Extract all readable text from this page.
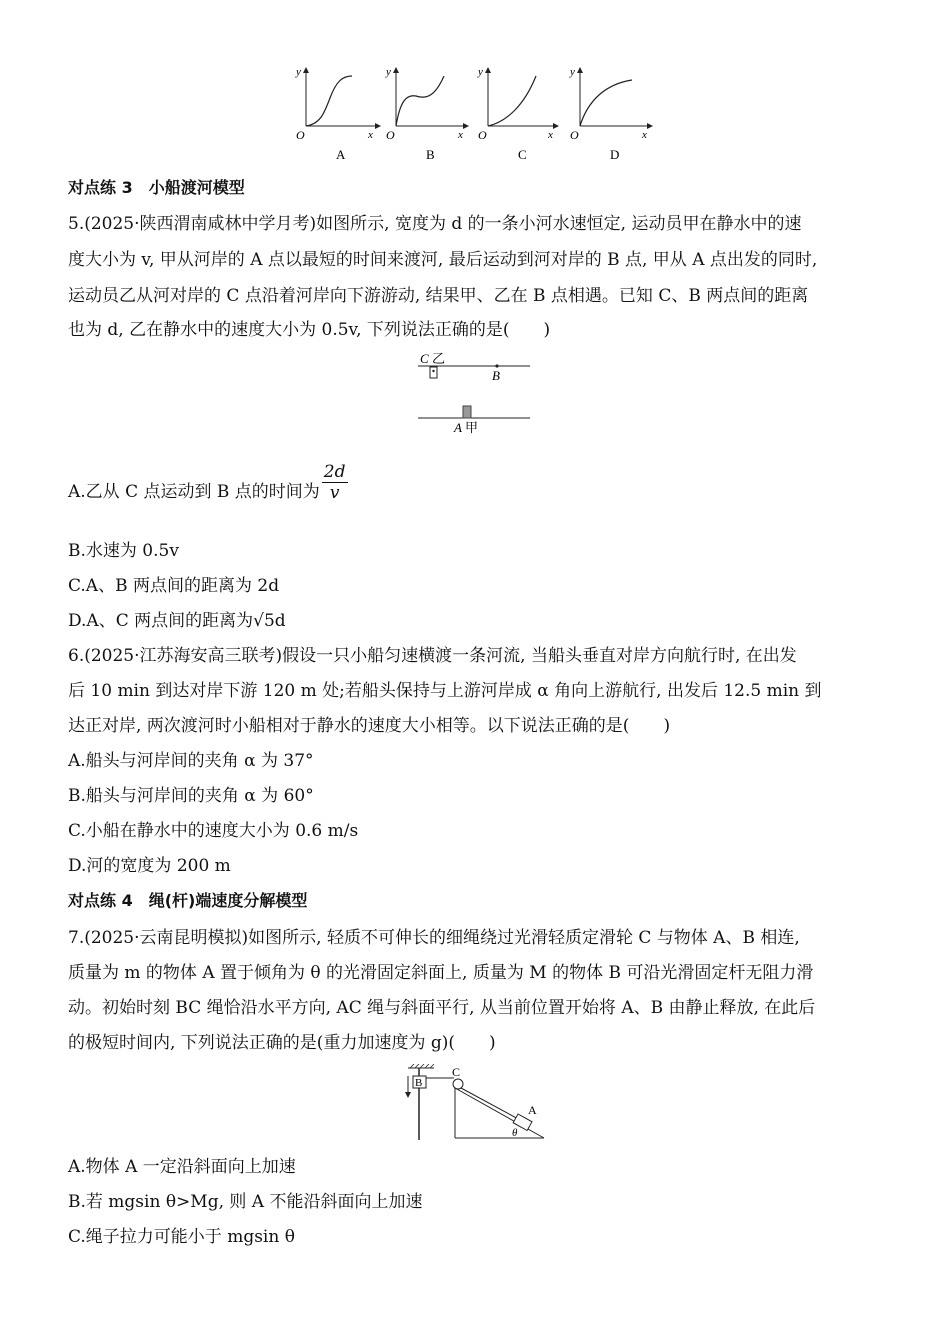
y
O	x
A
y
O	x
B
y
O	x
C
y
O	x
D
对点练 3　小船渡河模型
5.(2025·陕西渭南咸林中学月考)如图所示, 宽度为 d 的一条小河水速恒定, 运动员甲在静水中的速
度大小为 v, 甲从河岸的 A 点以最短的时间来渡河, 最后运动到河对岸的 B 点, 甲从 A 点出发的同时,
运动员乙从河对岸的 C 点沿着河岸向下游游动, 结果甲、乙在 B 点相遇。已知 C、B 两点间的距离
也为 d, 乙在静水中的速度大小为 0.5v, 下列说法正确的是(　　)
C 乙
B
A 甲
A.乙从 C 点运动到 B 点的时间为 $\frac{2d}{v}$
B.水速为 0.5v
C.A、B 两点间的距离为 2d
D.A、C 两点间的距离为√5d
6.(2025·江苏海安高三联考)假设一只小船匀速横渡一条河流, 当船头垂直对岸方向航行时, 在出发
后 10 min 到达对岸下游 120 m 处;若船头保持与上游河岸成 α 角向上游航行, 出发后 12.5 min 到
达正对岸, 两次渡河时小船相对于静水的速度大小相等。以下说法正确的是(　　)
A.船头与河岸间的夹角 α 为 37°
B.船头与河岸间的夹角 α 为 60°
C.小船在静水中的速度大小为 0.6 m/s
D.河的宽度为 200 m
对点练 4　绳(杆)端速度分解模型
7.(2025·云南昆明模拟)如图所示, 轻质不可伸长的细绳绕过光滑轻质定滑轮 C 与物体 A、B 相连,
质量为 m 的物体 A 置于倾角为 θ 的光滑固定斜面上, 质量为 M 的物体 B 可沿光滑固定杆无阻力滑
动。初始时刻 BC 绳恰沿水平方向, AC 绳与斜面平行, 从当前位置开始将 A、B 由静止释放, 在此后
的极短时间内, 下列说法正确的是(重力加速度为 g)(　　)
B
C
A
θ
A.物体 A 一定沿斜面向上加速
B.若 mgsin θ>Mg, 则 A 不能沿斜面向上加速
C.绳子拉力可能小于 mgsin θ
